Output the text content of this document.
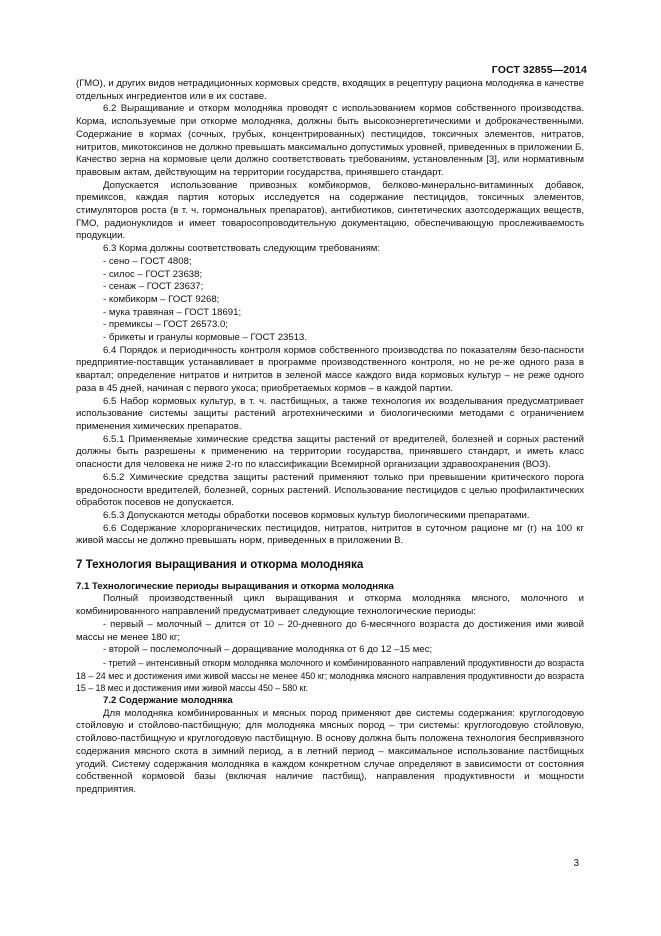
ГОСТ 32855—2014

(ГМО), и других видов нетрадиционных кормовых средств, входящих в рецептуру рациона молодняка в качестве отдельных ингредиентов или в их составе.

6.2 Выращивание и откорм молодняка проводят с использованием кормов собственного производства. Корма, используемые при откорме молодняка, должны быть высокоэнергетическими и доброкачественными. Содержание в кормах (сочных, грубых, концентрированных) пестицидов, токсичных элементов, нитратов, нитритов, микотоксинов не должно превышать максимально допустимых уровней, приведенных в приложении Б. Качество зерна на кормовые цели должно соответствовать требованиям, установленным [3], или нормативным правовым актам, действующим на территории государства, принявшего стандарт.

Допускается использование привозных комбикормов, белково-минерально-витаминных добавок, премиксов, каждая партия которых исследуется на содержание пестицидов, токсичных элементов, стимуляторов роста (в т. ч. гормональных препаратов), антибиотиков, синтетических азотсодержащих веществ, ГМО, радионуклидов и имеет товаросопроводительную документацию, обеспечивающую прослеживаемость продукции.

6.3 Корма должны соответствовать следующим требованиям:

- сено – ГОСТ 4808;

- силос – ГОСТ 23638;

- сенаж – ГОСТ 23637;

- комбикорм – ГОСТ 9268;

- мука травяная – ГОСТ 18691;

- премиксы – ГОСТ 26573.0;

- брикеты и гранулы кормовые – ГОСТ 23513.

6.4 Порядок и периодичность контроля кормов собственного производства по показателям безо-пасности предприятие-поставщик устанавливает в программе производственного контроля, но не ре-же одного раза в квартал; определение нитратов и нитритов в зеленой массе каждого вида кормовых культур – не реже одного раза в 45 дней, начиная с первого укоса; приобретаемых кормов – в каждой партии.

6.5 Набор кормовых культур, в т. ч. пастбищных, а также технология их возделывания предусматривает использование системы защиты растений агротехническими и биологическими методами с ограничением применения химических препаратов.

6.5.1 Применяемые химические средства защиты растений от вредителей, болезней и сорных растений должны быть разрешены к применению на территории государства, принявшего стандарт, и иметь класс опасности для человека не ниже 2-го по классификации Всемирной организации здравоохранения (ВОЗ).

6.5.2 Химические средства защиты растений применяют только при превышении критического порога вредоносности вредителей, болезней, сорных растений. Использование пестицидов с целью профилактических обработок посевов не допускается.

6.5.3 Допускаются методы обработки посевов кормовых культур биологическими препаратами.

6.6 Содержание хлорорганических пестицидов, нитратов, нитритов в суточном рационе мг (г) на 100 кг живой массы не должно превышать норм, приведенных в приложении В.

7 Технология выращивания и откорма молодняка

7.1 Технологические периоды выращивания и откорма молодняка

Полный производственный цикл выращивания и откорма молодняка мясного, молочного и комбинированного направлений предусматривает следующие технологические периоды:

- первый – молочный – длится от 10 – 20-дневного до 6-месячного возраста до достижения ими живой массы не менее 180 кг;

- второй – послемолочный – доращивание молодняка от 6 до 12 –15 мес;

- третий – интенсивный откорм молодняка молочного и комбинированного направлений продуктивности до возраста 18 – 24 мес и достижения ими живой массы не менее 450 кг; молодняка мясного направления продуктивности до возраста 15 – 18 мес и достижения ими живой массы 450 – 580 кг.

7.2 Содержание молодняка

Для молодняка комбинированных и мясных пород применяют две системы содержания: круглогодовую стойловую и стойлово-пастбищную; для молодняка мясных пород – три системы: круглогодовую стойловую, стойлово-пастбищную и круглогодовую пастбищную. В основу должна быть положена технология беспривязного содержания мясного скота в зимний период, а в летний период – максимальное использование пастбищных угодий. Систему содержания молодняка в каждом конкретном случае определяют в зависимости от состояния собственной кормовой базы (включая наличие пастбищ), направления продуктивности и мощности предприятия.

3
